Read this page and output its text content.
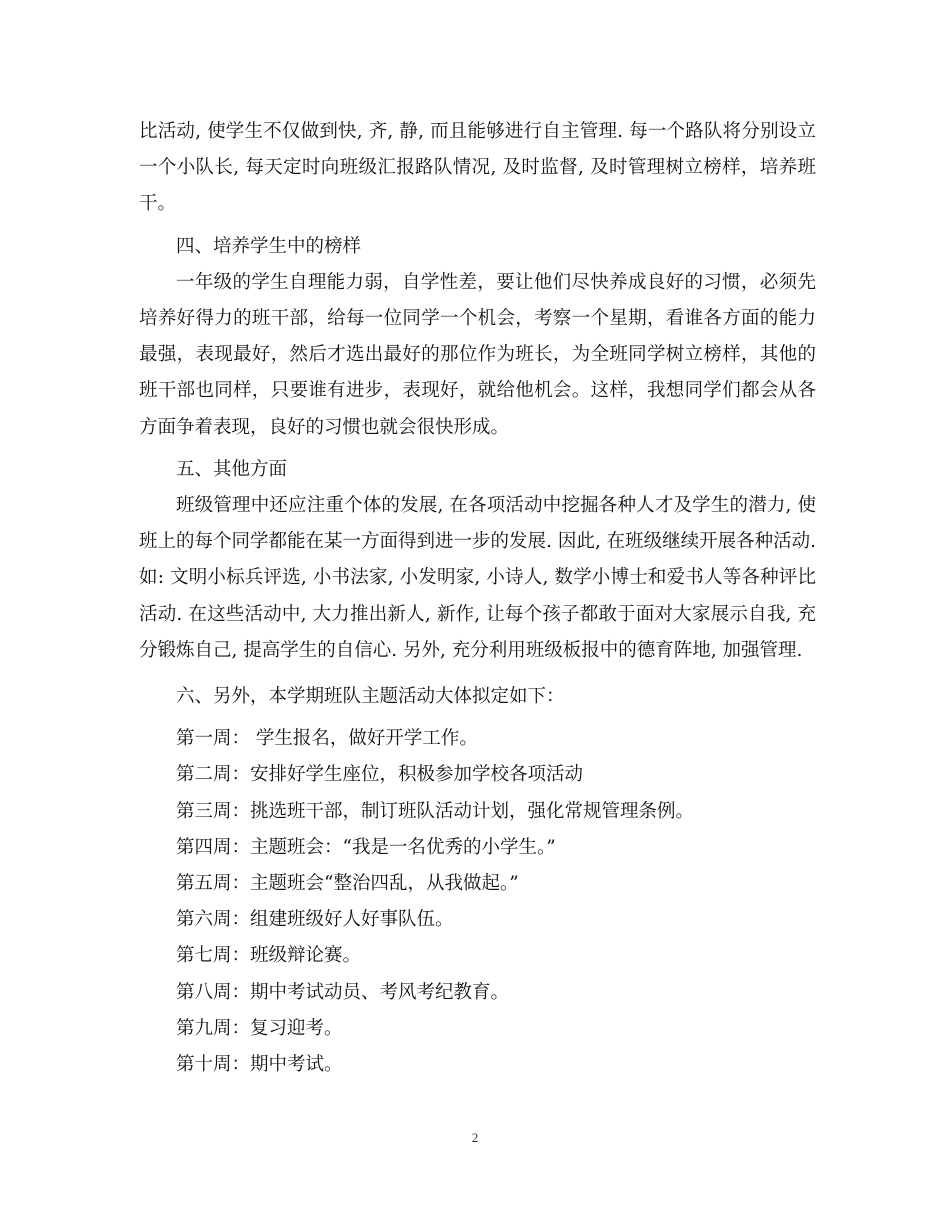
比活动, 使学生不仅做到快, 齐, 静, 而且能够进行自主管理. 每一个路队将分别设立一个小队长, 每天定时向班级汇报路队情况, 及时监督, 及时管理树立榜样，培养班干。

四、培养学生中的榜样

一年级的学生自理能力弱，自学性差，要让他们尽快养成良好的习惯，必须先培养好得力的班干部，给每一位同学一个机会，考察一个星期，看谁各方面的能力最强，表现最好，然后才选出最好的那位作为班长，为全班同学树立榜样，其他的班干部也同样，只要谁有进步，表现好，就给他机会。这样，我想同学们都会从各方面争着表现，良好的习惯也就会很快形成。

五、其他方面

班级管理中还应注重个体的发展, 在各项活动中挖掘各种人才及学生的潜力, 使班上的每个同学都能在某一方面得到进一步的发展. 因此, 在班级继续开展各种活动. 如: 文明小标兵评选, 小书法家, 小发明家, 小诗人, 数学小博士和爱书人等各种评比活动. 在这些活动中, 大力推出新人, 新作, 让每个孩子都敢于面对大家展示自我, 充分锻炼自己, 提高学生的自信心. 另外, 充分利用班级板报中的德育阵地, 加强管理.

六、另外，本学期班队主题活动大体拟定如下：

第一周： 学生报名，做好开学工作。

第二周：安排好学生座位，积极参加学校各项活动

第三周：挑选班干部，制订班队活动计划，强化常规管理条例。

第四周：主题班会：“我是一名优秀的小学生。”

第五周：主题班会“整治四乱，从我做起。”

第六周：组建班级好人好事队伍。

第七周：班级辩论赛。

第八周：期中考试动员、考风考纪教育。

第九周：复习迎考。

第十周：期中考试。

2
